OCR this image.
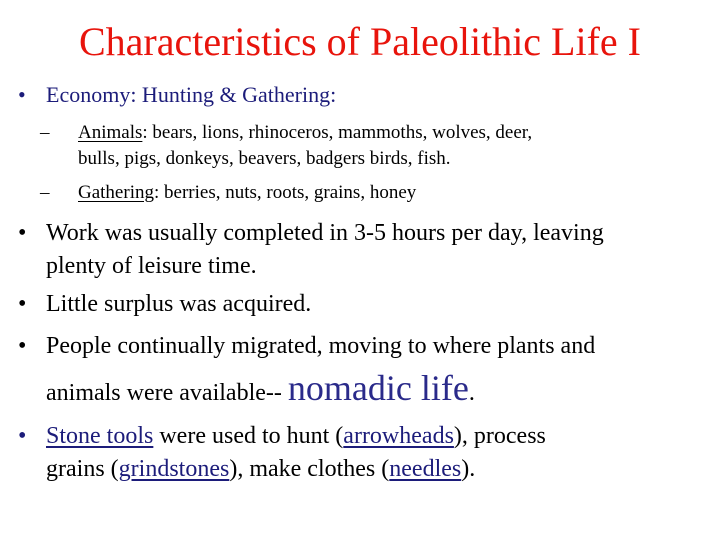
Characteristics of Paleolithic Life I
• Economy: Hunting & Gathering:
– Animals: bears, lions, rhinoceros, mammoths, wolves, deer,
bulls, pigs, donkeys, beavers, badgers birds, fish.
– Gathering: berries, nuts, roots, grains, honey
• Work was usually completed in 3-5 hours per day, leaving
plenty of leisure time.
• Little surplus was acquired.
• People continually migrated, moving to where plants and
animals were available-- nomadic life.
• Stone tools were used to hunt (arrowheads), process
grains (grindstones), make clothes (needles).
